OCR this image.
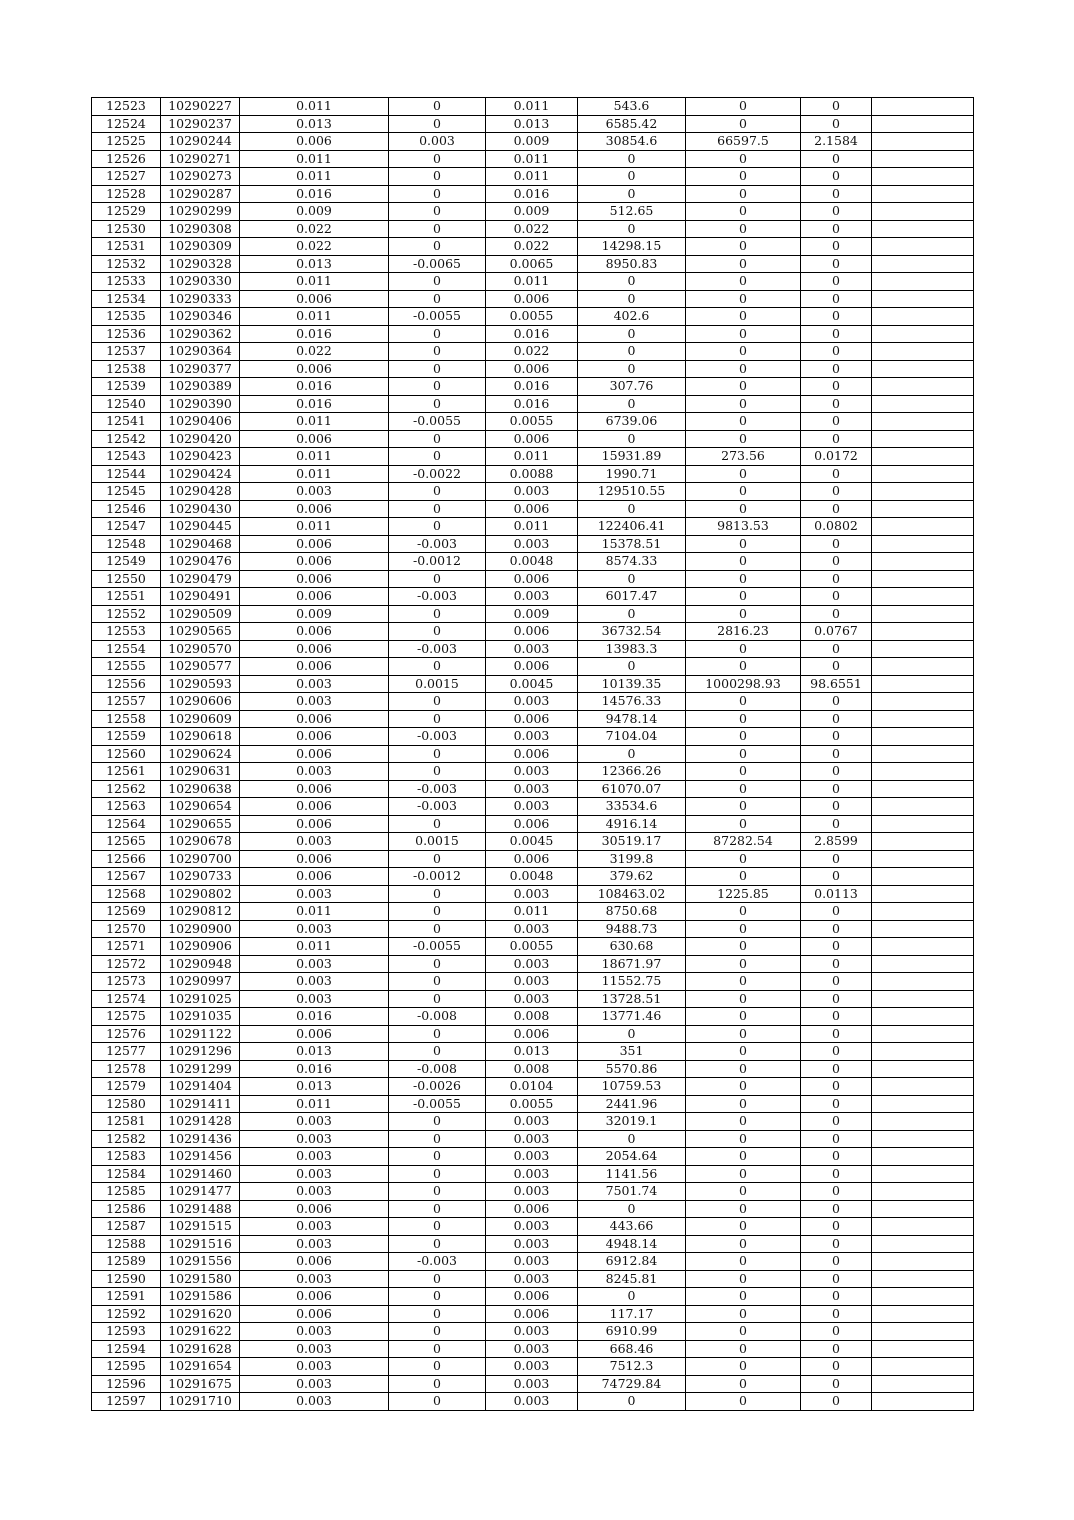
12523	10290227	0.011	0	0.011	543.6	0	0	
12524	10290237	0.013	0	0.013	6585.42	0	0	
12525	10290244	0.006	0.003	0.009	30854.6	66597.5	2.1584	
12526	10290271	0.011	0	0.011	0	0	0	
12527	10290273	0.011	0	0.011	0	0	0	
12528	10290287	0.016	0	0.016	0	0	0	
12529	10290299	0.009	0	0.009	512.65	0	0	
12530	10290308	0.022	0	0.022	0	0	0	
12531	10290309	0.022	0	0.022	14298.15	0	0	
12532	10290328	0.013	-0.0065	0.0065	8950.83	0	0	
12533	10290330	0.011	0	0.011	0	0	0	
12534	10290333	0.006	0	0.006	0	0	0	
12535	10290346	0.011	-0.0055	0.0055	402.6	0	0	
12536	10290362	0.016	0	0.016	0	0	0	
12537	10290364	0.022	0	0.022	0	0	0	
12538	10290377	0.006	0	0.006	0	0	0	
12539	10290389	0.016	0	0.016	307.76	0	0	
12540	10290390	0.016	0	0.016	0	0	0	
12541	10290406	0.011	-0.0055	0.0055	6739.06	0	0	
12542	10290420	0.006	0	0.006	0	0	0	
12543	10290423	0.011	0	0.011	15931.89	273.56	0.0172	
12544	10290424	0.011	-0.0022	0.0088	1990.71	0	0	
12545	10290428	0.003	0	0.003	129510.55	0	0	
12546	10290430	0.006	0	0.006	0	0	0	
12547	10290445	0.011	0	0.011	122406.41	9813.53	0.0802	
12548	10290468	0.006	-0.003	0.003	15378.51	0	0	
12549	10290476	0.006	-0.0012	0.0048	8574.33	0	0	
12550	10290479	0.006	0	0.006	0	0	0	
12551	10290491	0.006	-0.003	0.003	6017.47	0	0	
12552	10290509	0.009	0	0.009	0	0	0	
12553	10290565	0.006	0	0.006	36732.54	2816.23	0.0767	
12554	10290570	0.006	-0.003	0.003	13983.3	0	0	
12555	10290577	0.006	0	0.006	0	0	0	
12556	10290593	0.003	0.0015	0.0045	10139.35	1000298.93	98.6551	
12557	10290606	0.003	0	0.003	14576.33	0	0	
12558	10290609	0.006	0	0.006	9478.14	0	0	
12559	10290618	0.006	-0.003	0.003	7104.04	0	0	
12560	10290624	0.006	0	0.006	0	0	0	
12561	10290631	0.003	0	0.003	12366.26	0	0	
12562	10290638	0.006	-0.003	0.003	61070.07	0	0	
12563	10290654	0.006	-0.003	0.003	33534.6	0	0	
12564	10290655	0.006	0	0.006	4916.14	0	0	
12565	10290678	0.003	0.0015	0.0045	30519.17	87282.54	2.8599	
12566	10290700	0.006	0	0.006	3199.8	0	0	
12567	10290733	0.006	-0.0012	0.0048	379.62	0	0	
12568	10290802	0.003	0	0.003	108463.02	1225.85	0.0113	
12569	10290812	0.011	0	0.011	8750.68	0	0	
12570	10290900	0.003	0	0.003	9488.73	0	0	
12571	10290906	0.011	-0.0055	0.0055	630.68	0	0	
12572	10290948	0.003	0	0.003	18671.97	0	0	
12573	10290997	0.003	0	0.003	11552.75	0	0	
12574	10291025	0.003	0	0.003	13728.51	0	0	
12575	10291035	0.016	-0.008	0.008	13771.46	0	0	
12576	10291122	0.006	0	0.006	0	0	0	
12577	10291296	0.013	0	0.013	351	0	0	
12578	10291299	0.016	-0.008	0.008	5570.86	0	0	
12579	10291404	0.013	-0.0026	0.0104	10759.53	0	0	
12580	10291411	0.011	-0.0055	0.0055	2441.96	0	0	
12581	10291428	0.003	0	0.003	32019.1	0	0	
12582	10291436	0.003	0	0.003	0	0	0	
12583	10291456	0.003	0	0.003	2054.64	0	0	
12584	10291460	0.003	0	0.003	1141.56	0	0	
12585	10291477	0.003	0	0.003	7501.74	0	0	
12586	10291488	0.006	0	0.006	0	0	0	
12587	10291515	0.003	0	0.003	443.66	0	0	
12588	10291516	0.003	0	0.003	4948.14	0	0	
12589	10291556	0.006	-0.003	0.003	6912.84	0	0	
12590	10291580	0.003	0	0.003	8245.81	0	0	
12591	10291586	0.006	0	0.006	0	0	0	
12592	10291620	0.006	0	0.006	117.17	0	0	
12593	10291622	0.003	0	0.003	6910.99	0	0	
12594	10291628	0.003	0	0.003	668.46	0	0	
12595	10291654	0.003	0	0.003	7512.3	0	0	
12596	10291675	0.003	0	0.003	74729.84	0	0	
12597	10291710	0.003	0	0.003	0	0	0	
